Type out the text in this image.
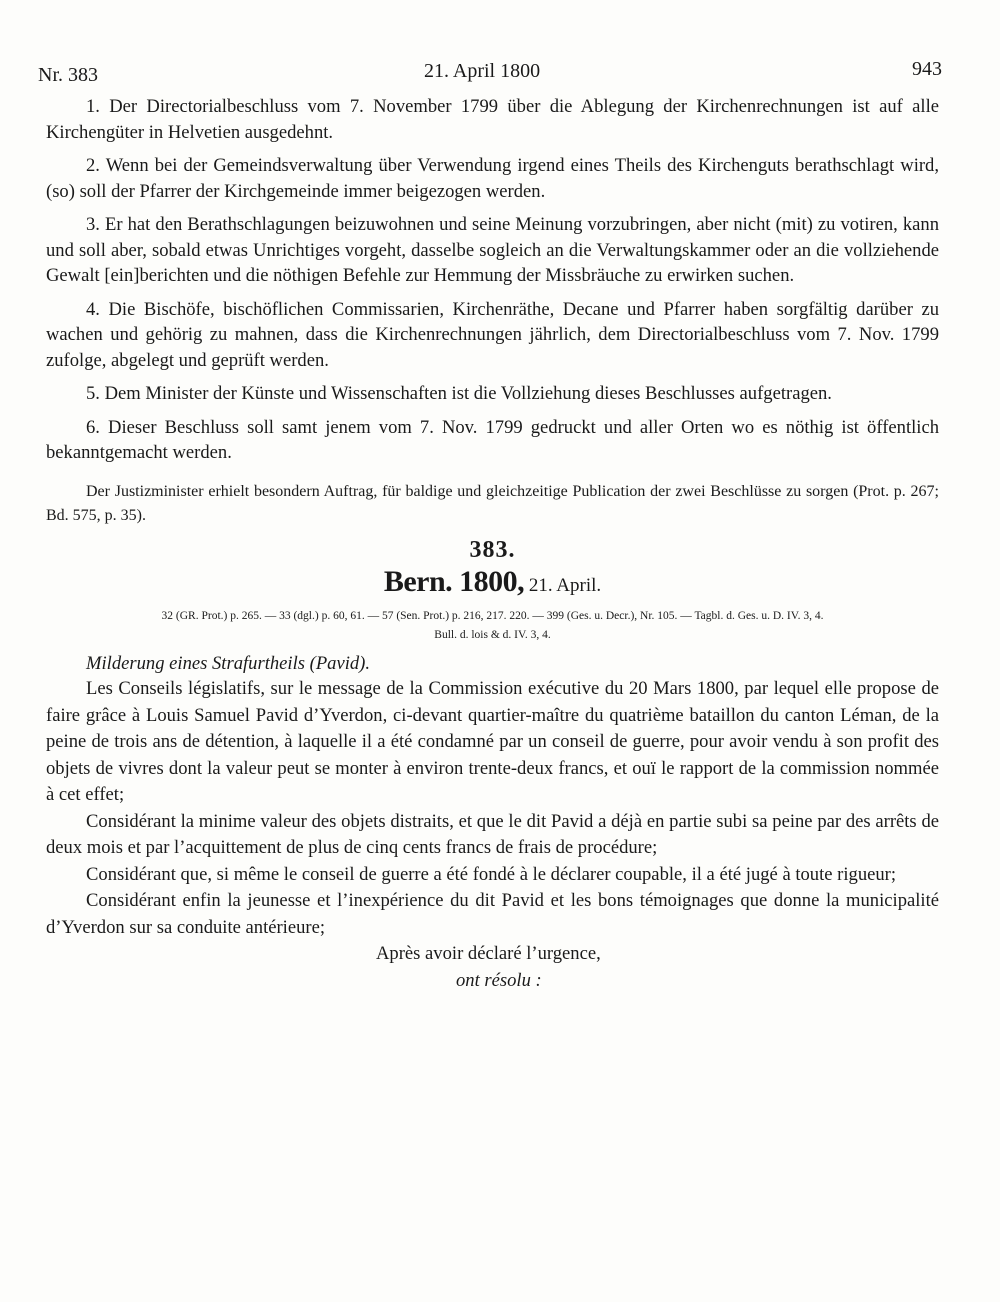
Nr. 383	21. April 1800	943

1. Der Directorialbeschluss vom 7. November 1799 über die Ablegung der Kirchenrechnungen ist auf alle Kirchengüter in Helvetien ausgedehnt.

2. Wenn bei der Gemeindsverwaltung über Verwendung irgend eines Theils des Kirchenguts berathschlagt wird, (so) soll der Pfarrer der Kirchgemeinde immer beigezogen werden.

3. Er hat den Berathschlagungen beizuwohnen und seine Meinung vorzubringen, aber nicht (mit) zu votiren, kann und soll aber, sobald etwas Unrichtiges vorgeht, dasselbe sogleich an die Verwaltungskammer oder an die vollziehende Gewalt [ein]berichten und die nöthigen Befehle zur Hemmung der Missbräuche zu erwirken suchen.

4. Die Bischöfe, bischöflichen Commissarien, Kirchenräthe, Decane und Pfarrer haben sorgfältig darüber zu wachen und gehörig zu mahnen, dass die Kirchenrechnungen jährlich, dem Directorialbeschluss vom 7. Nov. 1799 zufolge, abgelegt und geprüft werden.

5. Dem Minister der Künste und Wissenschaften ist die Vollziehung dieses Beschlusses aufgetragen.

6. Dieser Beschluss soll samt jenem vom 7. Nov. 1799 gedruckt und aller Orten wo es nöthig ist öffentlich bekanntgemacht werden.

Der Justizminister erhielt besondern Auftrag, für baldige und gleichzeitige Publication der zwei Beschlüsse zu sorgen (Prot. p. 267; Bd. 575, p. 35).

383.
Bern. 1800, 21. April.
32 (GR. Prot.) p. 265. — 33 (dgl.) p. 60, 61. — 57 (Sen. Prot.) p. 216, 217. 220. — 399 (Ges. u. Decr.), Nr. 105. — Tagbl. d. Ges. u. D. IV. 3, 4.
Bull. d. lois & d. IV. 3, 4.
Milderung eines Strafurtheils (Pavid).

Les Conseils législatifs, sur le message de la Commission exécutive du 20 Mars 1800, par lequel elle propose de faire grâce à Louis Samuel Pavid d’Yverdon, ci-devant quartier-maître du quatrième bataillon du canton Léman, de la peine de trois ans de détention, à laquelle il a été condamné par un conseil de guerre, pour avoir vendu à son profit des objets de vivres dont la valeur peut se monter à environ trente-deux francs, et ouï le rapport de la commission nommée à cet effet;

Considérant la minime valeur des objets distraits, et que le dit Pavid a déjà en partie subi sa peine par des arrêts de deux mois et par l’acquittement de plus de cinq cents francs de frais de procédure;

Considérant que, si même le conseil de guerre a été fondé à le déclarer coupable, il a été jugé à toute rigueur;

Considérant enfin la jeunesse et l’inexpérience du dit Pavid et les bons témoignages que donne la municipalité d’Yverdon sur sa conduite antérieure;

Après avoir déclaré l’urgence,
ont résolu :
